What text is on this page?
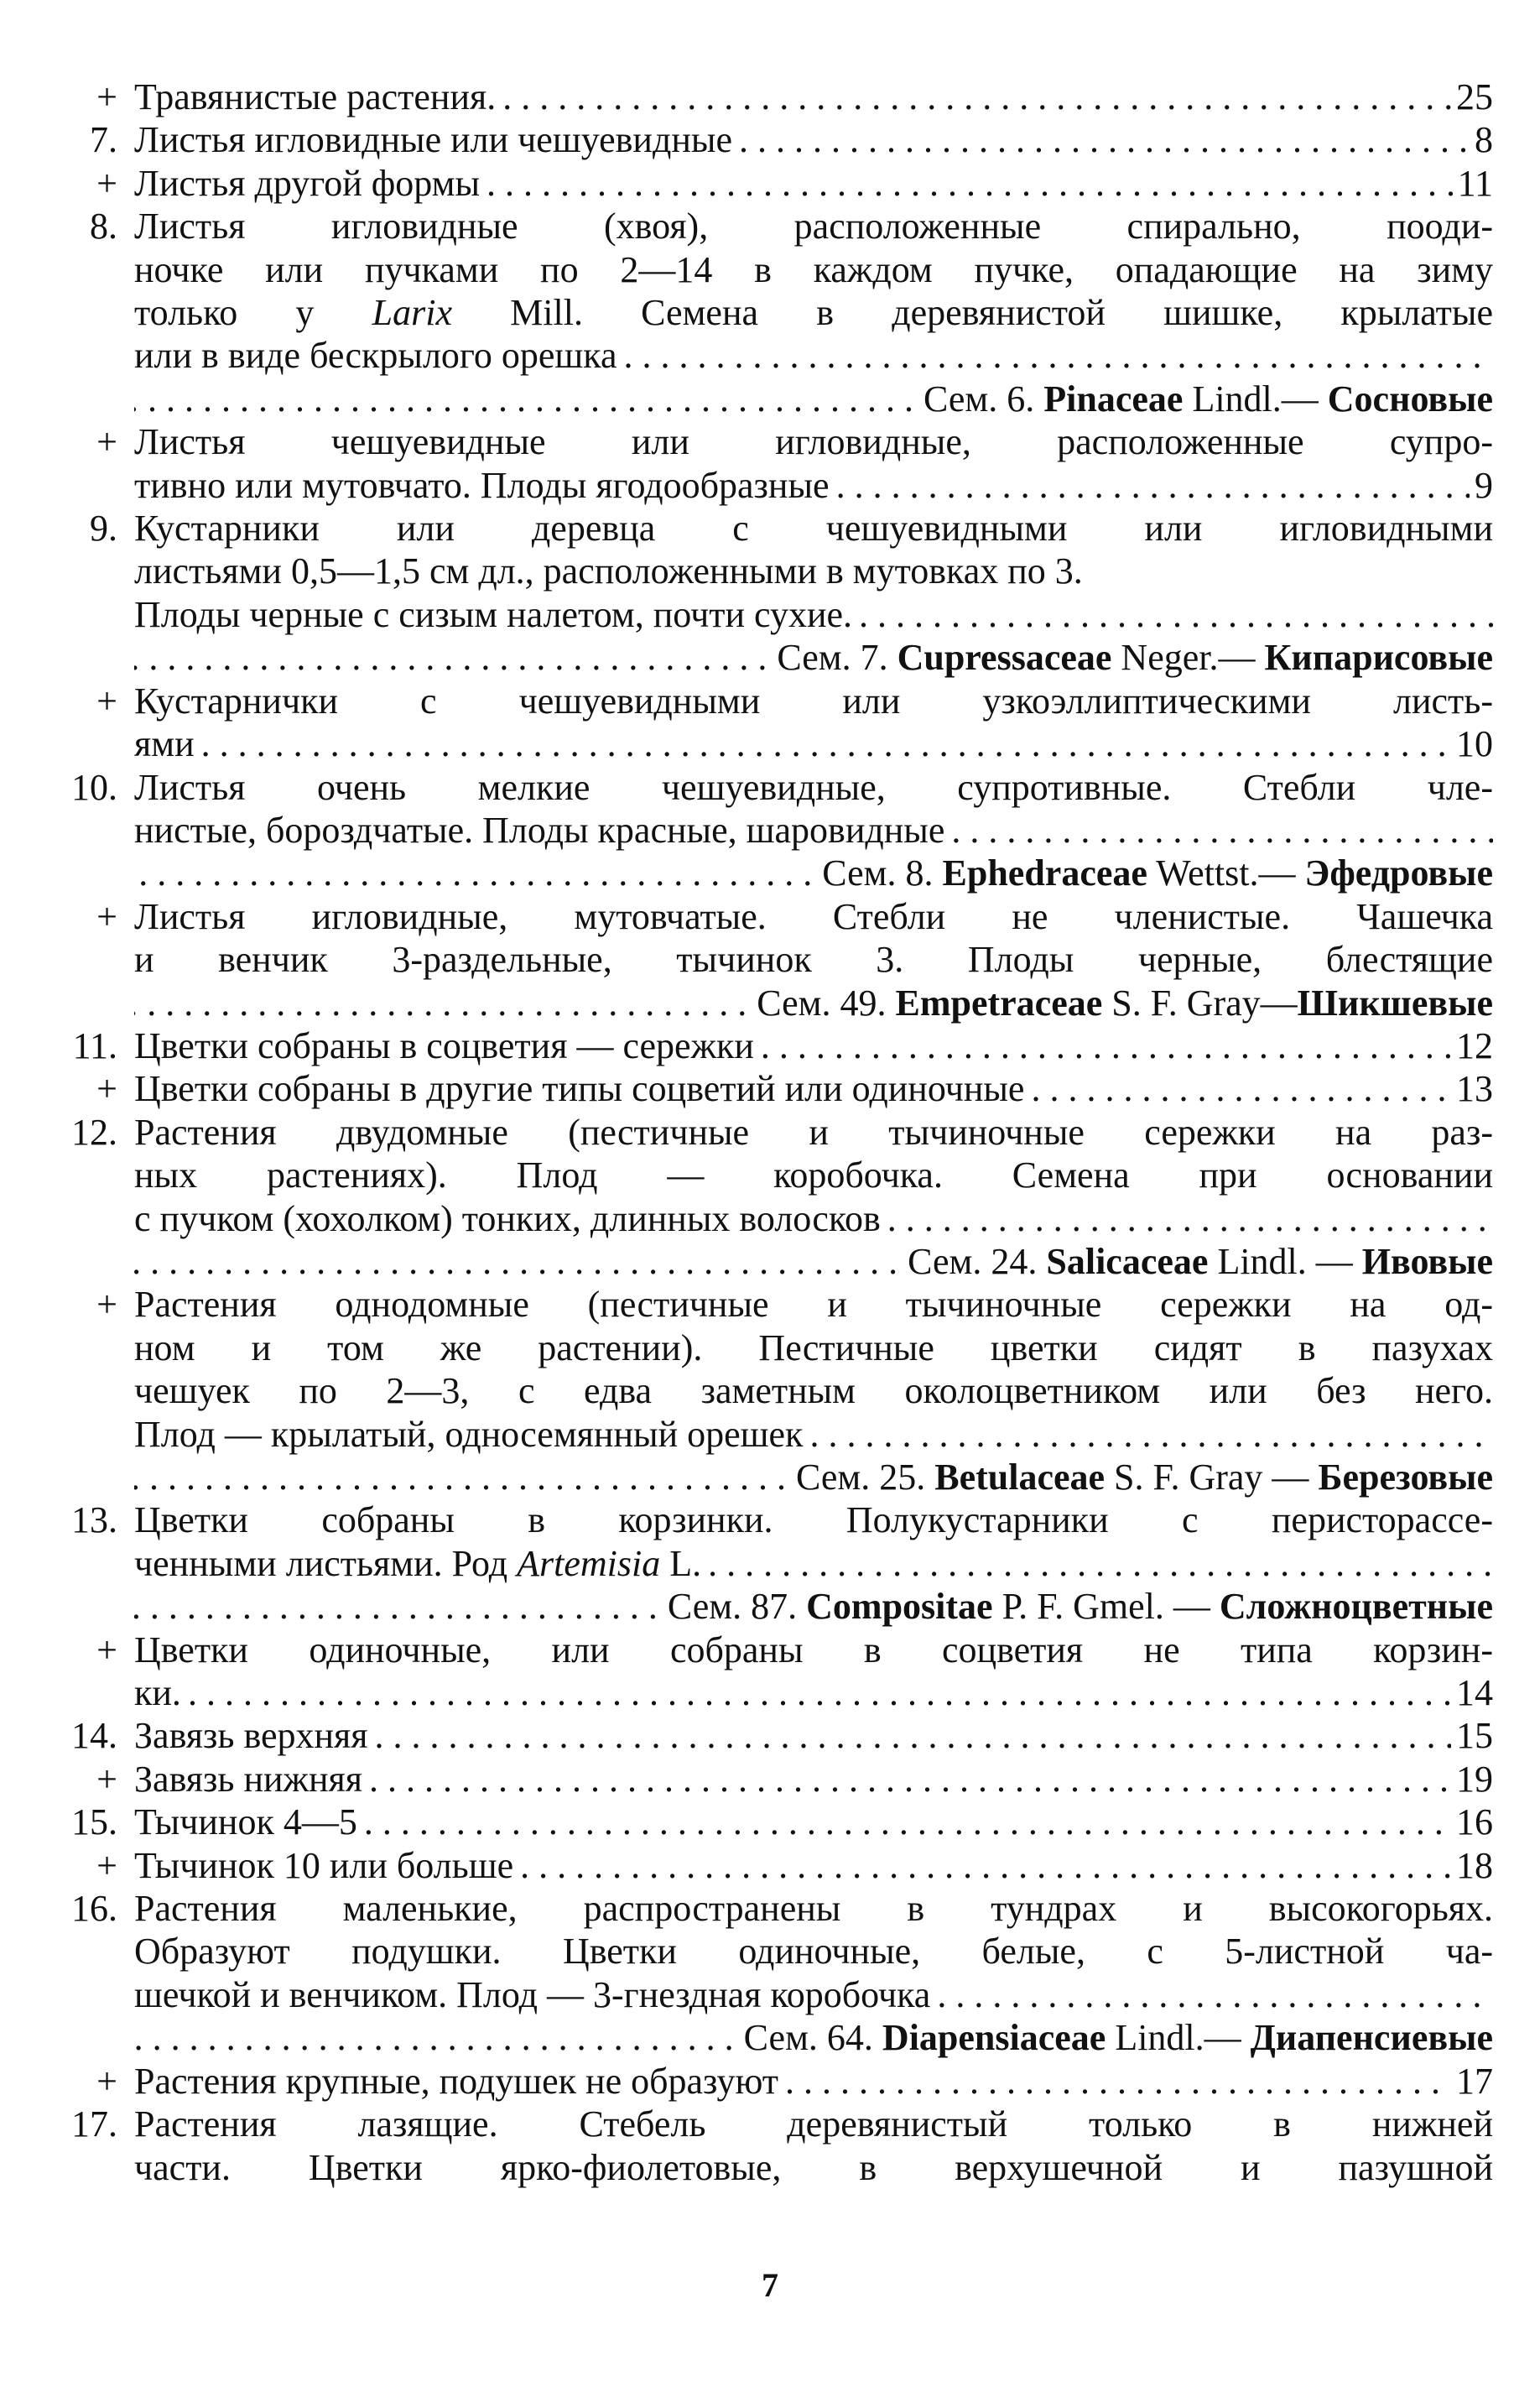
+ Травянистые растения. . . .	25
7. Листья игловидные или чешуевидные . . .	8
+ Листья другой формы . . .	11
8. Листья игловидные (хвоя), расположенные спирально, пооди-
ночке или пучками по 2—14 в каждом пучке, опадающие на зиму
только у Larix Mill. Семена в деревянистой шишке, крылатые
или в виде бескрылого орешка
. . .
. . .
Сем. 6. Pinaceae Lindl.— Сосновые
+ Листья чешуевидные или игловидные, расположенные супро-
тивно или мутовчато. Плоды ягодообразные . . .	9
9. Кустарники или деревца с чешуевидными или игловидными
листьями 0,5—1,5 см дл., расположенными в мутовках по 3.
Плоды черные с сизым налетом, почти сухие.
. . .
. . .
Сем. 7. Cupressaceae Neger.— Кипарисовые
+ Кустарнички с чешуевидными или узкоэллиптическими листь-
ями . . .	10
10. Листья очень мелкие чешуевидные, супротивные. Стебли чле-
нистые, бороздчатые. Плоды красные, шаровидные
. . .
. . .
Сем. 8. Ephedraceae Wettst.— Эфедровые
+ Листья игловидные, мутовчатые. Стебли не членистые. Чашечка
и венчик 3-раздельные, тычинок 3. Плоды черные, блестящие
. . .
Сем. 49. Empetraceae S. F. Gray—Шикшевые
11. Цветки собраны в соцветия — сережки . . .	12
+ Цветки собраны в другие типы соцветий или одиночные . . .	13
12. Растения двудомные (пестичные и тычиночные сережки на раз-
ных растениях). Плод — коробочка. Семена при основании
с пучком (хохолком) тонких, длинных волосков
. . .
. . .
Сем. 24. Salicaceae Lindl. — Ивовые
+ Растения однодомные (пестичные и тычиночные сережки на од-
ном и том же растении). Пестичные цветки сидят в пазухах
чешуек по 2—3, с едва заметным околоцветником или без него.
Плод — крылатый, односемянный орешек
. . .
. . .
Сем. 25. Betulaceae S. F. Gray — Березовые
13. Цветки собраны в корзинки. Полукустарники с перисторассе-
ченными листьями. Род Artemisia L.
. . .
. . .
Сем. 87. Compositae P. F. Gmel. — Сложноцветные
+ Цветки одиночные, или собраны в соцветия не типа корзин-
ки. . . .	14
14. Завязь верхняя . . .	15
+ Завязь нижняя . . .	19
15. Тычинок 4—5 . . .	16
+ Тычинок 10 или больше . . .	18
16. Растения маленькие, распространены в тундрах и высокогорьях.
Образуют подушки. Цветки одиночные, белые, с 5-листной ча-
шечкой и венчиком. Плод — 3-гнездная коробочка
. . .
. . .
Сем. 64. Diapensiaceae Lindl.— Диапенсиевые
+ Растения крупные, подушек не образуют . . .	17
17. Растения лазящие. Стебель деревянистый только в нижней
части. Цветки ярко-фиолетовые, в верхушечной и пазушной
7
